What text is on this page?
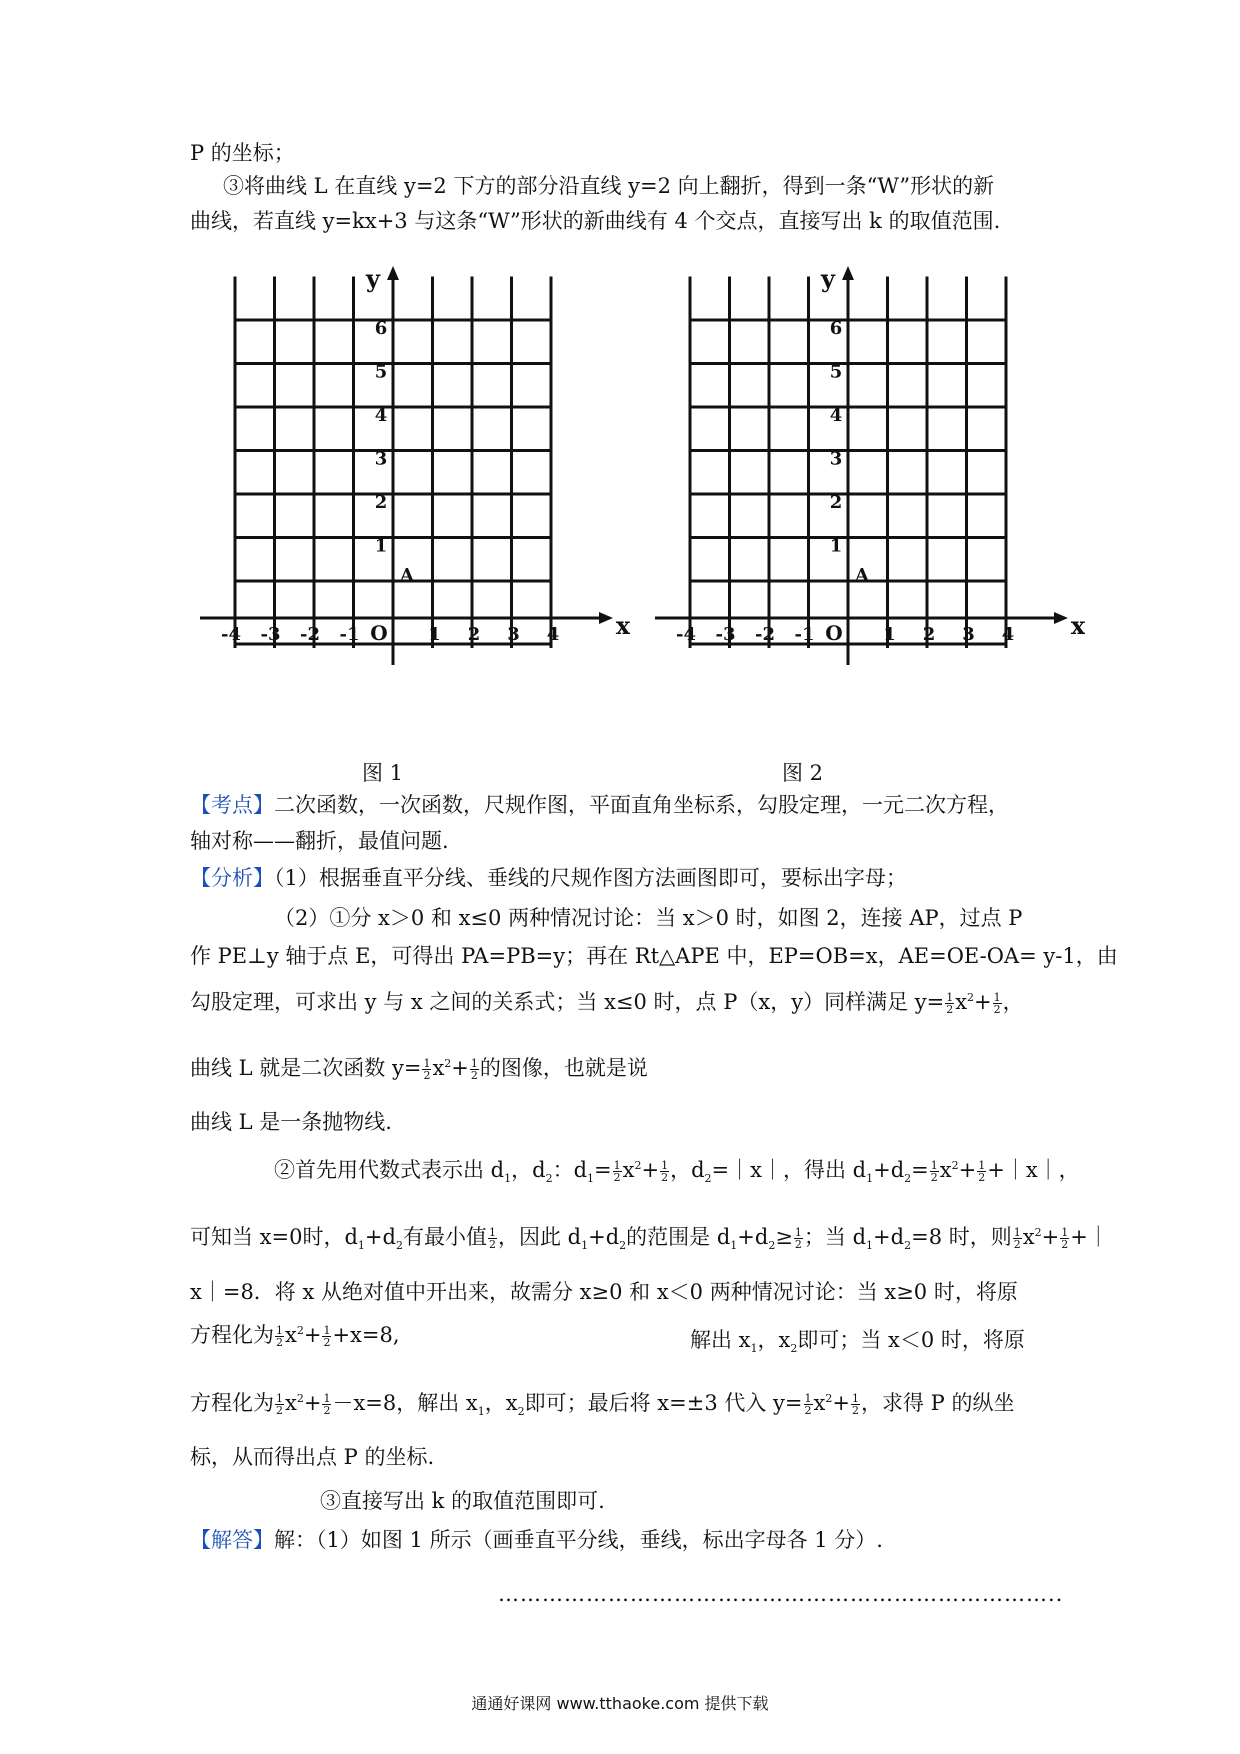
P 的坐标；
③将曲线 L 在直线 y=2 下方的部分沿直线 y=2 向上翻折，得到一条“W”形状的新
曲线，若直线 y=kx+3 与这条“W”形状的新曲线有 4 个交点，直接写出 k 的取值范围.
x
y
-4 -3 -2 -1	1 2 3 4
O
1
2
3
4
5
6
A
x
y
-4 -3 -2 -1	1 2 3 4
O
1
2
3
4
5
6
A
图 1	图 2
【考点】二次函数，一次函数，尺规作图，平面直角坐标系，勾股定理，一元二次方程，
轴对称——翻折，最值问题.
【分析】（1）根据垂直平分线、垂线的尺规作图方法画图即可，要标出字母；
（2）①分 x＞0 和 x≤0 两种情况讨论：当 x＞0 时，如图 2，连接 AP，过点 P
作 PE⊥y 轴于点 E，可得出 PA=PB=y；再在 Rt△APE 中，EP=OB=x，AE=OE-OA= y-1，由
勾股定理，可求出 y 与 x 之间的关系式；当 x≤0 时，点 P（x，y）同样满足 $y= \frac{1}{2} x^2+ \frac{1}{2}$ ，
曲线 L 就是二次函数 $y= \frac{1}{2} x^2+ \frac{1}{2}$ 的图像，也就是说
曲线 L 是一条抛物线.
②首先用代数式表示出 $d_1$，$d_2$：$d_1= \frac{1}{2} x^2+ \frac{1}{2}$ ，$d_2=|x|$，得出 $d_1+d_2= \frac{1}{2} x^2+ \frac{1}{2}$ +｜x｜，
可知当 x=0时，$d_1+d_2$有最小值 $\frac{1}{2}$ ，因此 $d_1+d_2$的范围是 $d_1+d_2\ge \frac{1}{2}$ ；当 $d_1+d_2=8$ 时，则 $\frac{1}{2} x^2+ \frac{1}{2}$ +｜
x｜=8．将 x 从绝对值中开出来，故需分 x≥0 和 x＜0 两种情况讨论：当 x≥0 时，将原
方程化为 $\frac{1}{2} x^2+ \frac{1}{2} +x=8$,	解出 $x_1$，$x_2$即可；当 x＜0 时，将原
方程化为 $\frac{1}{2} x^2+ \frac{1}{2} -x=8$，解出 $x_1$，$x_2$即可；最后将 x=±3 代入 $y= \frac{1}{2} x^2+ \frac{1}{2}$ ，求得 P 的纵坐
标，从而得出点 P 的坐标.
③直接写出 k 的取值范围即可.
【解答】解：（1）如图 1 所示（画垂直平分线，垂线，标出字母各 1 分）.
…………………………………………………………………..
通通好课网 www.tthaoke.com 提供下载
